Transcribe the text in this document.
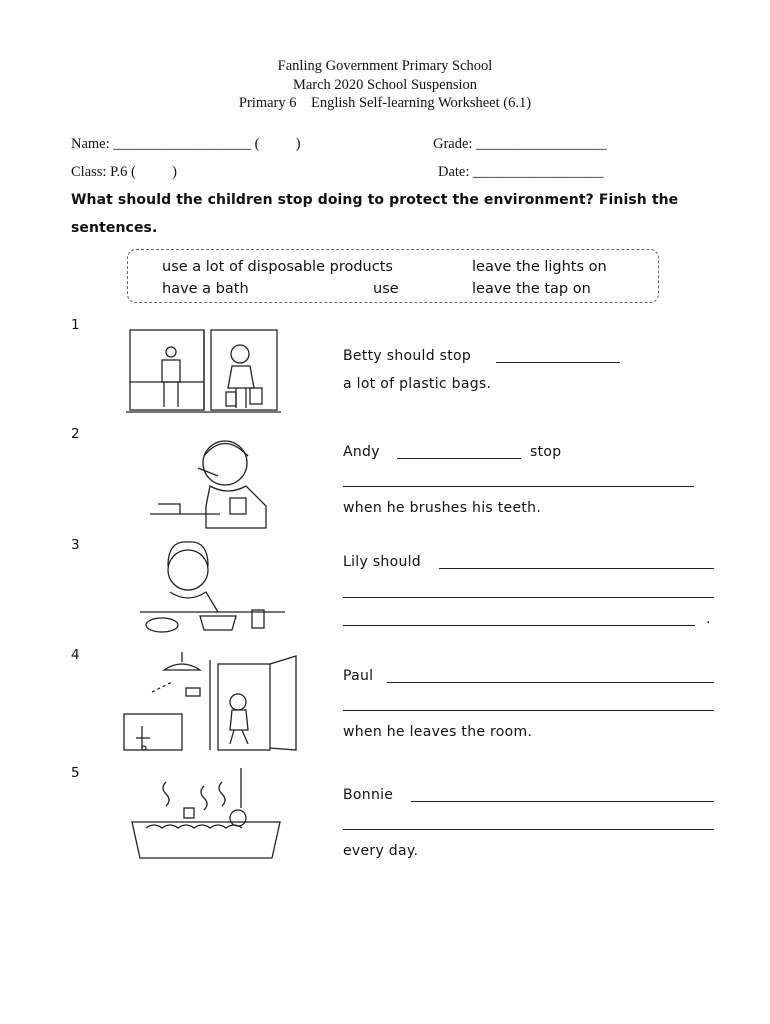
Fanling Government Primary School
March 2020 School Suspension
Primary 6    English Self-learning Worksheet (6.1)
Name: ___________________ (          )	Grade: __________________
Class: P.6 (          )	Date: __________________
What should the children stop doing to protect the environment? Finish the
sentences.
use a lot of disposable products	leave the lights on
have a bath	use	leave the tap on
1
Betty should stop
a lot of plastic bags.
2
Andy	stop
when he brushes his teeth.
3
Lily should
.
4
Paul
when he leaves the room.
5
Bonnie
every day.
